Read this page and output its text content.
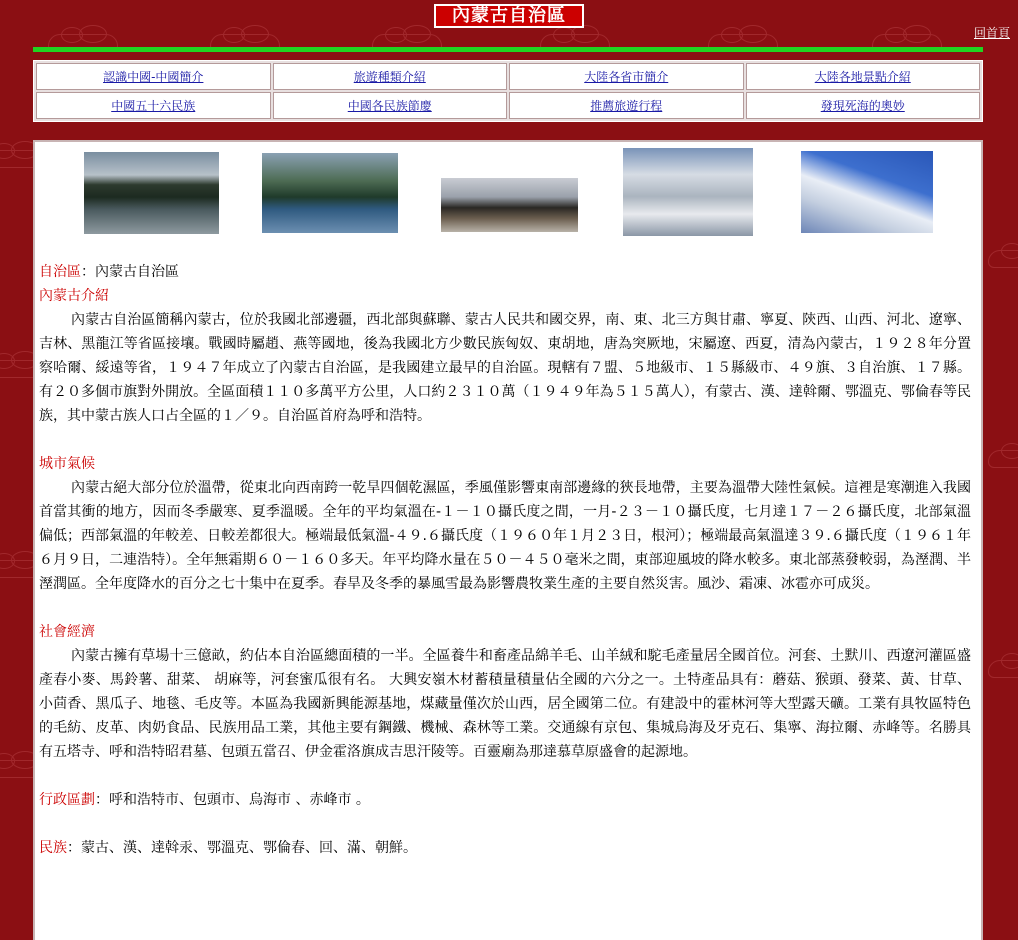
內蒙古自治區
回首頁
認識中國-中國簡介	旅遊種類介紹	大陸各省市簡介	大陸各地景點介紹
中國五十六民族	中國各民族節慶	推薦旅遊行程	發現死海的奧妙
自治區：內蒙古自治區
內蒙古介紹

內蒙古自治區簡稱內蒙古，位於我國北部邊疆，西北部與蘇聯、蒙古人民共和國交界，南、東、北三方與甘肅、寧夏、陝西、山西、河北、遼寧、吉林、黑龍江等省區接壤。戰國時屬趙、燕等國地，後為我國北方少數民族匈奴、東胡地，唐為突厥地，宋屬遼、西夏，清為內蒙古，１９２８年分置察哈爾、綏遠等省，１９４７年成立了內蒙古自治區，是我國建立最早的自治區。現轄有７盟、５地級市、１５縣級市、４９旗、３自治旗、１７縣。有２０多個市旗對外開放。全區面積１１０多萬平方公里，人口約２３１０萬（１９４９年為５１５萬人），有蒙古、漢、達斡爾、鄂溫克、鄂倫春等民族，其中蒙古族人口占全區的１／９。自治區首府為呼和浩特。

城市氣候

內蒙古絕大部分位於溫帶，從東北向西南跨一乾旱四個乾濕區，季風僅影響東南部邊緣的狹長地帶，主要為溫帶大陸性氣候。這裡是寒潮進入我國首當其衝的地方，因而冬季嚴寒、夏季溫暖。全年的平均氣溫在-１－１０攝氏度之間，一月-２３－１０攝氏度，七月達１７－２６攝氏度，北部氣溫偏低；西部氣溫的年較差、日較差都很大。極端最低氣溫-４９.６攝氏度（１９６０年１月２３日，根河）；極端最高氣溫達３９.６攝氏度（１９６１年６月９日，二連浩特）。全年無霜期６０－１６０多天。年平均降水量在５０－４５０毫米之間，東部迎風坡的降水較多。東北部蒸發較弱，為溼潤、半溼潤區。全年度降水的百分之七十集中在夏季。春旱及冬季的暴風雪最為影響農牧業生產的主要自然災害。風沙、霜凍、冰雹亦可成災。

社會經濟

內蒙古擁有草場十三億畝，約佔本自治區總面積的一半。全區養牛和畜產品綿羊毛、山羊絨和駝毛產量居全國首位。河套、土默川、西遼河灌區盛產春小麥、馬鈴薯、甜菜、 胡麻等，河套蜜瓜很有名。 大興安嶺木材蓄積量積量佔全國的六分之一。土特產品具有：蘑菇、猴頭、發菜、黃、甘草、小茴香、黑瓜子、地毯、毛皮等。本區為我國新興能源基地，煤藏量僅次於山西，居全國第二位。有建設中的霍林河等大型露天礦。工業有具牧區特色的毛紡、皮革、肉奶食品、民族用品工業，其他主要有鋼鐵、機械、森林等工業。交通線有京包、集城烏海及牙克石、集寧、海拉爾、赤峰等。名勝具有五塔寺、呼和浩特昭君墓、包頭五當召、伊金霍洛旗成吉思汗陵等。百靈廟為那達慕草原盛會的起源地。

行政區劃：呼和浩特市、包頭市、烏海市 、赤峰市 。
民族：蒙古、漢、達斡汞、鄂溫克、鄂倫春、回、滿、朝鮮。
